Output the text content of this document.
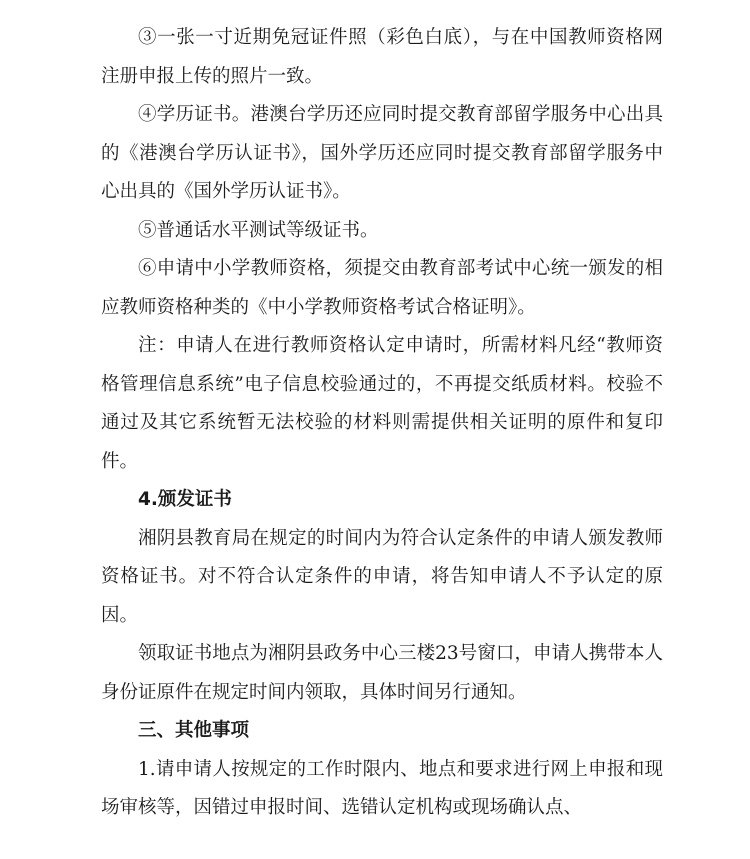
③一张一寸近期免冠证件照（彩色白底），与在中国教师资格网注册申报上传的照片一致。

④学历证书。港澳台学历还应同时提交教育部留学服务中心出具的《港澳台学历认证书》，国外学历还应同时提交教育部留学服务中心出具的《国外学历认证书》。

⑤普通话水平测试等级证书。

⑥申请中小学教师资格，须提交由教育部考试中心统一颁发的相应教师资格种类的《中小学教师资格考试合格证明》。

注：申请人在进行教师资格认定申请时，所需材料凡经“教师资格管理信息系统”电子信息校验通过的，不再提交纸质材料。校验不通过及其它系统暂无法校验的材料则需提供相关证明的原件和复印件。

4.颁发证书

湘阴县教育局在规定的时间内为符合认定条件的申请人颁发教师资格证书。对不符合认定条件的申请，将告知申请人不予认定的原因。

领取证书地点为湘阴县政务中心三楼23号窗口，申请人携带本人身份证原件在规定时间内领取，具体时间另行通知。

三、其他事项

1.请申请人按规定的工作时限内、地点和要求进行网上申报和现场审核等，因错过申报时间、选错认定机构或现场确认点、
